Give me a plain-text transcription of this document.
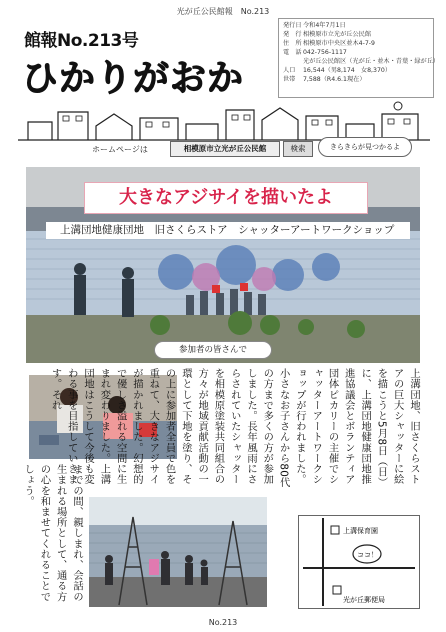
光が丘公民館報　No.213
館報No.213号
ひかりがおか
発行日 令和4年7月1日
発　行 相模原市立光が丘公民館
住　所 相模原市中央区並木4-7-9
電　話 042-756-1117
光が丘公民館区（光が丘・並木・青葉・緑が丘）
人口	16,544（男8,174　女8,370）
世帯	7,588（R4.6.1現在）
ホームページは	相模原市立光が丘公民館	検索	きらきらが見つかるよ
大きなアジサイを描いたよ
上溝団地健康団地　旧さくらストア　シャッターアートワークショップ
参加者の皆さんで
上溝団地、旧さくらストアの巨大シャッターに絵を描こうと5月8日（日）に、上溝団地健康団地推進協議会とボランティア団体ピカリーの主催でシャッターアートワークショップが行われました。小さなお子さんから80代の方まで多くの方が参加しました。長年風雨にさらされていたシャッターを相模原塗装共同組合の方々が地域貢献活動の一環として下地を塗り、その上に参加者全員で色を重ねて、大きなアジサイが描かれました。幻想的で優しさ溢れる空間に生まれ変わりました。上溝団地はこうして今後も変わる事を目指していきます。それ
までの間、親しまれ、会話の生まれる場所として、通る方の心を和ませてくれることでしょう。
上溝保育園
ココ！
光が丘郵便局
No.213
